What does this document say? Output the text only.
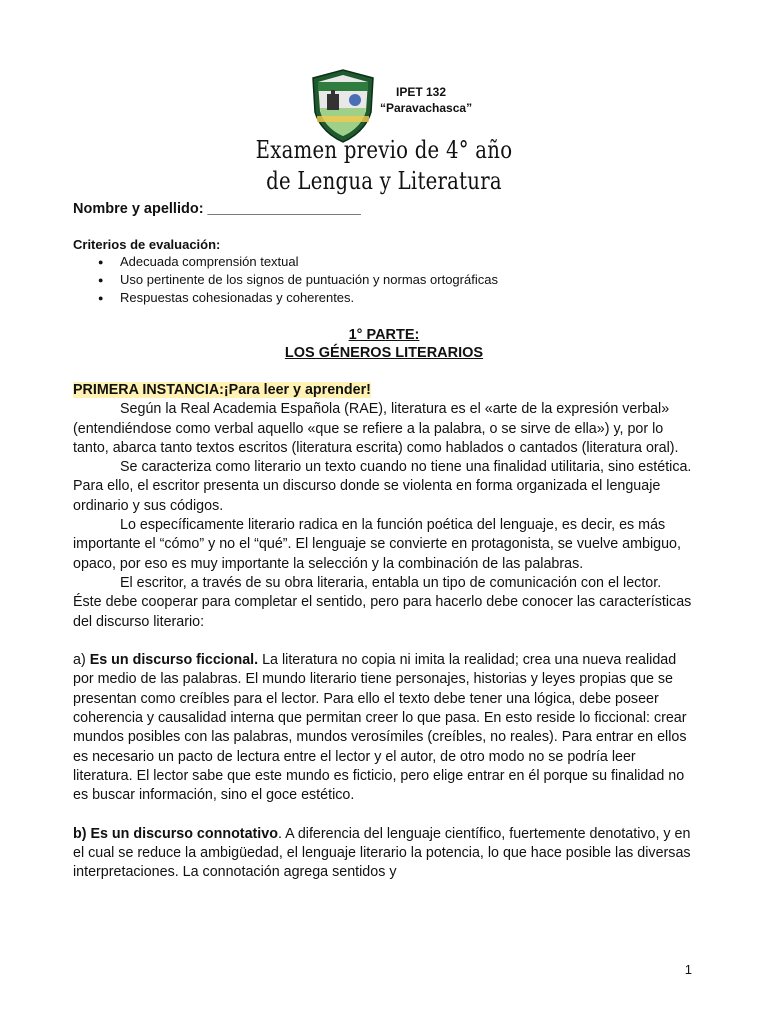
IPET 132
“Paravachasca”
Examen previo de 4° año
de Lengua y Literatura
Nombre y apellido: ___________________
Criterios de evaluación:
● Adecuada comprensión textual
● Uso pertinente de los signos de puntuación y normas ortográficas
● Respuestas cohesionadas y coherentes.
1° PARTE:
LOS GÉNEROS LITERARIOS

PRIMERA INSTANCIA:¡Para leer y aprender!

Según la Real Academia Española (RAE), literatura es el «arte de la expresión verbal» (entendiéndose como verbal aquello «que se refiere a la palabra, o se sirve de ella») y, por lo tanto, abarca tanto textos escritos (literatura escrita) como hablados o cantados (literatura oral).

Se caracteriza como literario un texto cuando no tiene una finalidad utilitaria, sino estética. Para ello, el escritor presenta un discurso donde se violenta en forma organizada el lenguaje ordinario y sus códigos.

Lo específicamente literario radica en la función poética del lenguaje, es decir, es más importante el “cómo” y no el “qué”. El lenguaje se convierte en protagonista, se vuelve ambiguo, opaco, por eso es muy importante la selección y la combinación de las palabras.

El escritor, a través de su obra literaria, entabla un tipo de comunicación con el lector. Éste debe cooperar para completar el sentido, pero para hacerlo debe conocer las características del discurso literario:

a) Es un discurso ficcional. La literatura no copia ni imita la realidad; crea una nueva realidad por medio de las palabras. El mundo literario tiene personajes, historias y leyes propias que se presentan como creíbles para el lector. Para ello el texto debe tener una lógica, debe poseer coherencia y causalidad interna que permitan creer lo que pasa. En esto reside lo ficcional: crear mundos posibles con las palabras, mundos verosímiles (creíbles, no reales). Para entrar en ellos es necesario un pacto de lectura entre el lector y el autor, de otro modo no se podría leer literatura. El lector sabe que este mundo es ficticio, pero elige entrar en él porque su finalidad no es buscar información, sino el goce estético.

b) Es un discurso connotativo. A diferencia del lenguaje científico, fuertemente denotativo, y en el cual se reduce la ambigüedad, el lenguaje literario la potencia, lo que hace posible las diversas interpretaciones. La connotación agrega sentidos y

1
